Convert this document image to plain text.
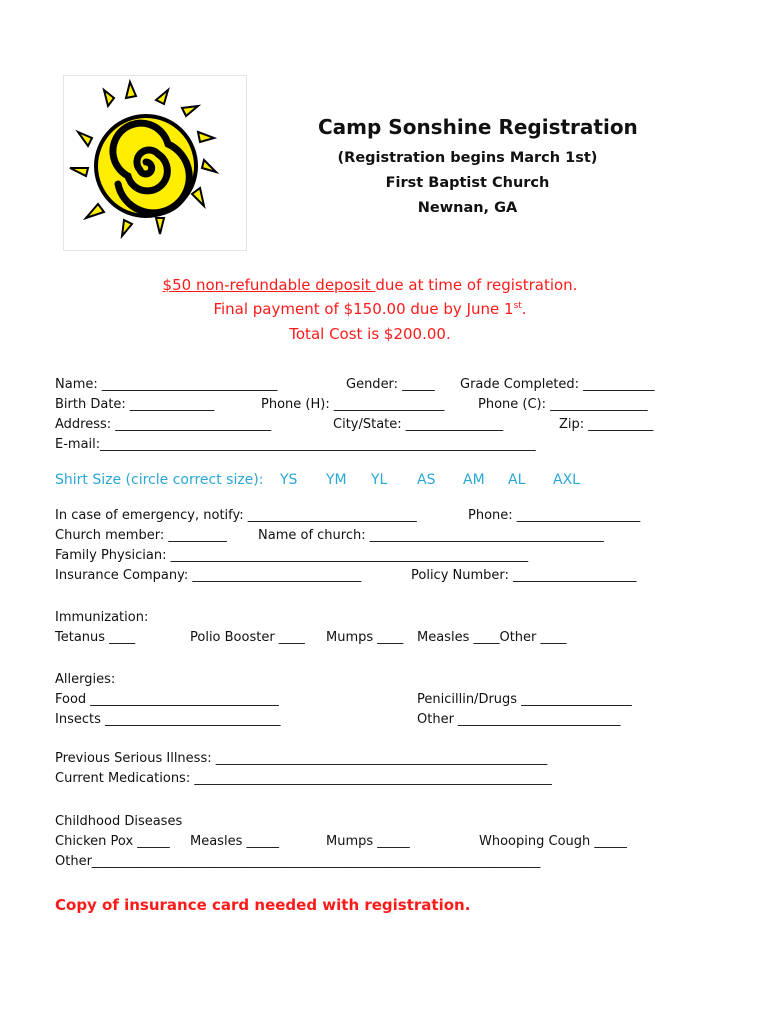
Camp Sonshine Registration
(Registration begins March 1st)
First Baptist Church
Newnan, GA
$50 non-refundable deposit due at time of registration.
Final payment of $150.00 due by June 1st.
Total Cost is $200.00.
Name: ___________________________	Gender: _____ Grade Completed: ___________
Birth Date: _____________	Phone (H): _________________	Phone (C): _______________
Address: ________________________	City/State: _______________	Zip: __________
E-mail:___________________________________________________________________
Shirt Size (circle correct size): YS YM YL AS AM AL AXL
In case of emergency, notify: __________________________	Phone: ___________________
Church member: _________ Name of church: ____________________________________
Family Physician: _______________________________________________________
Insurance Company: __________________________	Policy Number: ___________________
Immunization:
Tetanus ____	Polio Booster ____ Mumps ____ Measles ____Other ____
Allergies:
Food _____________________________	Penicillin/Drugs _________________
Insects ___________________________	Other _________________________
Previous Serious Illness: ___________________________________________________
Current Medications: _______________________________________________________
Childhood Diseases
Chicken Pox _____ Measles _____	Mumps _____	Whooping Cough _____
Other_____________________________________________________________________
Copy of insurance card needed with registration.
